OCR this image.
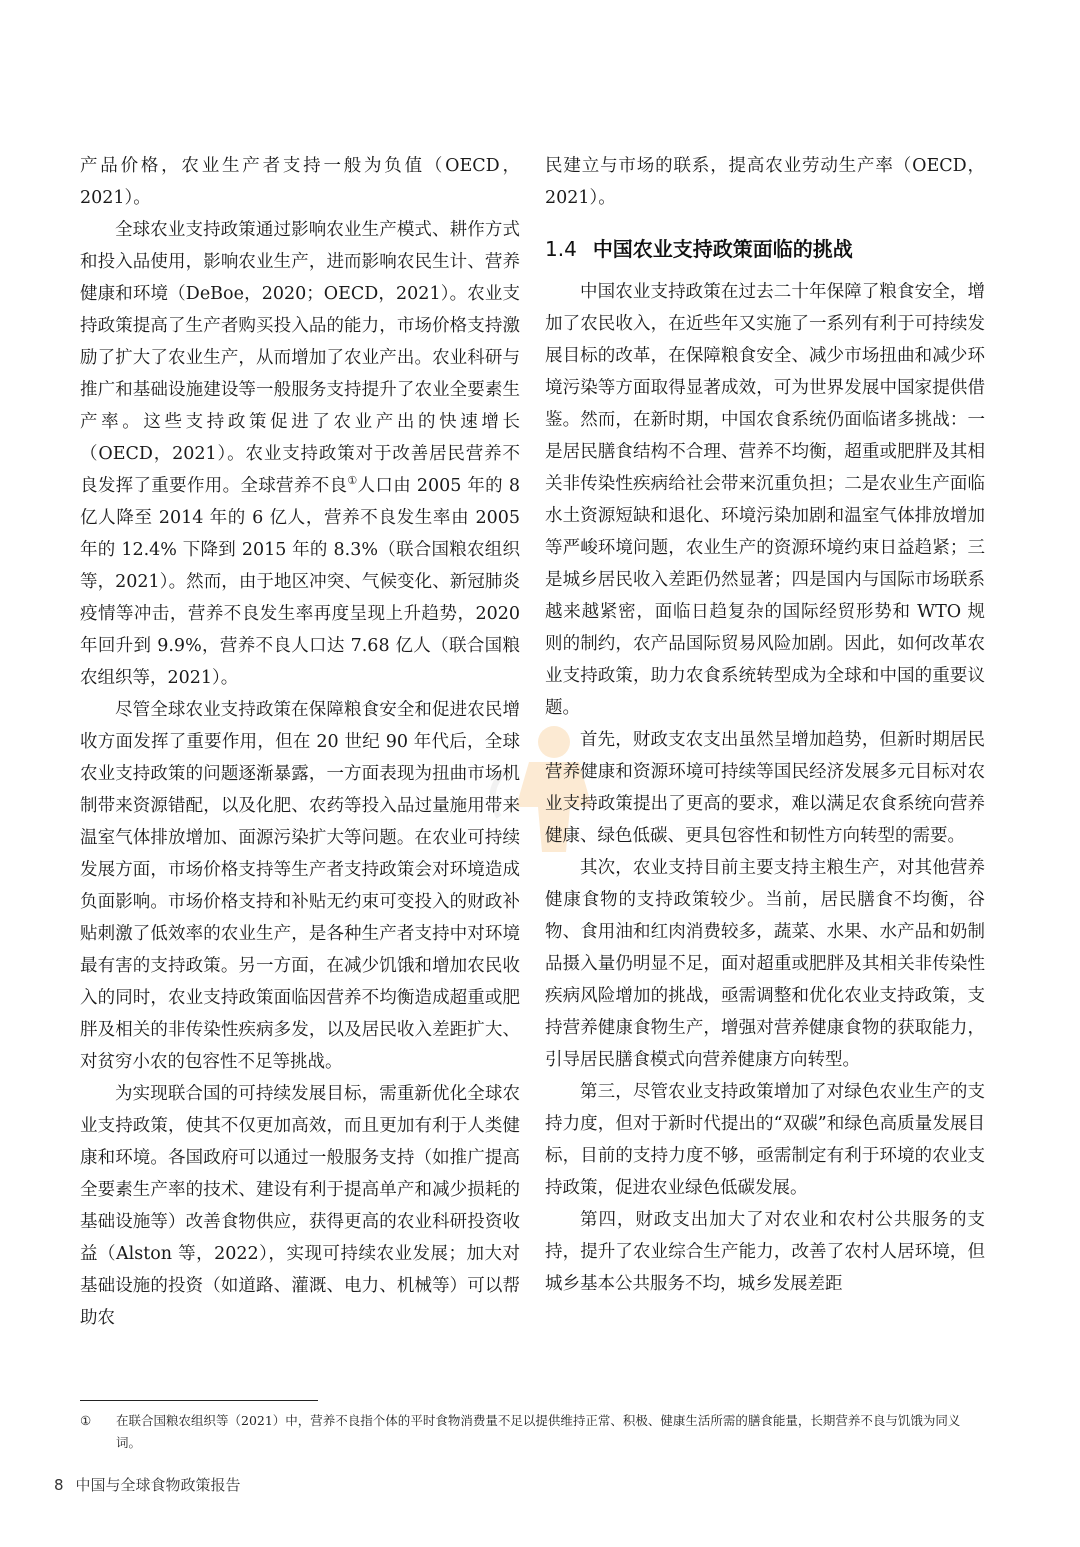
产品价格，农业生产者支持一般为负值（OECD，2021）。

全球农业支持政策通过影响农业生产模式、耕作方式和投入品使用，影响农业生产，进而影响农民生计、营养健康和环境（DeBoe，2020；OECD，2021）。农业支持政策提高了生产者购买投入品的能力，市场价格支持激励了扩大了农业生产，从而增加了农业产出。农业科研与推广和基础设施建设等一般服务支持提升了农业全要素生产率。这些支持政策促进了农业产出的快速增长（OECD，2021）。农业支持政策对于改善居民营养不良发挥了重要作用。全球营养不良①人口由 2005 年的 8 亿人降至 2014 年的 6 亿人，营养不良发生率由 2005 年的 12.4% 下降到 2015 年的 8.3%（联合国粮农组织等，2021）。然而，由于地区冲突、气候变化、新冠肺炎疫情等冲击，营养不良发生率再度呈现上升趋势，2020 年回升到 9.9%，营养不良人口达 7.68 亿人（联合国粮农组织等，2021）。

尽管全球农业支持政策在保障粮食安全和促进农民增收方面发挥了重要作用，但在 20 世纪 90 年代后，全球农业支持政策的问题逐渐暴露，一方面表现为扭曲市场机制带来资源错配，以及化肥、农药等投入品过量施用带来温室气体排放增加、面源污染扩大等问题。在农业可持续发展方面，市场价格支持等生产者支持政策会对环境造成负面影响。市场价格支持和补贴无约束可变投入的财政补贴刺激了低效率的农业生产，是各种生产者支持中对环境最有害的支持政策。另一方面，在减少饥饿和增加农民收入的同时，农业支持政策面临因营养不均衡造成超重或肥胖及相关的非传染性疾病多发，以及居民收入差距扩大、对贫穷小农的包容性不足等挑战。

为实现联合国的可持续发展目标，需重新优化全球农业支持政策，使其不仅更加高效，而且更加有利于人类健康和环境。各国政府可以通过一般服务支持（如推广提高全要素生产率的技术、建设有利于提高单产和减少损耗的基础设施等）改善食物供应，获得更高的农业科研投资收益（Alston 等，2022），实现可持续农业发展；加大对基础设施的投资（如道路、灌溉、电力、机械等）可以帮助农

民建立与市场的联系，提高农业劳动生产率（OECD，2021）。

1.4 中国农业支持政策面临的挑战

中国农业支持政策在过去二十年保障了粮食安全，增加了农民收入，在近些年又实施了一系列有利于可持续发展目标的改革，在保障粮食安全、减少市场扭曲和减少环境污染等方面取得显著成效，可为世界发展中国家提供借鉴。然而，在新时期，中国农食系统仍面临诸多挑战：一是居民膳食结构不合理、营养不均衡，超重或肥胖及其相关非传染性疾病给社会带来沉重负担；二是农业生产面临水土资源短缺和退化、环境污染加剧和温室气体排放增加等严峻环境问题，农业生产的资源环境约束日益趋紧；三是城乡居民收入差距仍然显著；四是国内与国际市场联系越来越紧密，面临日趋复杂的国际经贸形势和 WTO 规则的制约，农产品国际贸易风险加剧。因此，如何改革农业支持政策，助力农食系统转型成为全球和中国的重要议题。

首先，财政支农支出虽然呈增加趋势，但新时期居民营养健康和资源环境可持续等国民经济发展多元目标对农业支持政策提出了更高的要求，难以满足农食系统向营养健康、绿色低碳、更具包容性和韧性方向转型的需要。

其次，农业支持目前主要支持主粮生产，对其他营养健康食物的支持政策较少。当前，居民膳食不均衡，谷物、食用油和红肉消费较多，蔬菜、水果、水产品和奶制品摄入量仍明显不足，面对超重或肥胖及其相关非传染性疾病风险增加的挑战，亟需调整和优化农业支持政策，支持营养健康食物生产，增强对营养健康食物的获取能力，引导居民膳食模式向营养健康方向转型。

第三，尽管农业支持政策增加了对绿色农业生产的支持力度，但对于新时代提出的“双碳”和绿色高质量发展目标，目前的支持力度不够，亟需制定有利于环境的农业支持政策，促进农业绿色低碳发展。

第四，财政支出加大了对农业和农村公共服务的支持，提升了农业综合生产能力，改善了农村人居环境，但城乡基本公共服务不均，城乡发展差距

①	在联合国粮农组织等（2021）中，营养不良指个体的平时食物消费量不足以提供维持正常、积极、健康生活所需的膳食能量，长期营养不良与饥饿为同义词。
8 中国与全球食物政策报告
